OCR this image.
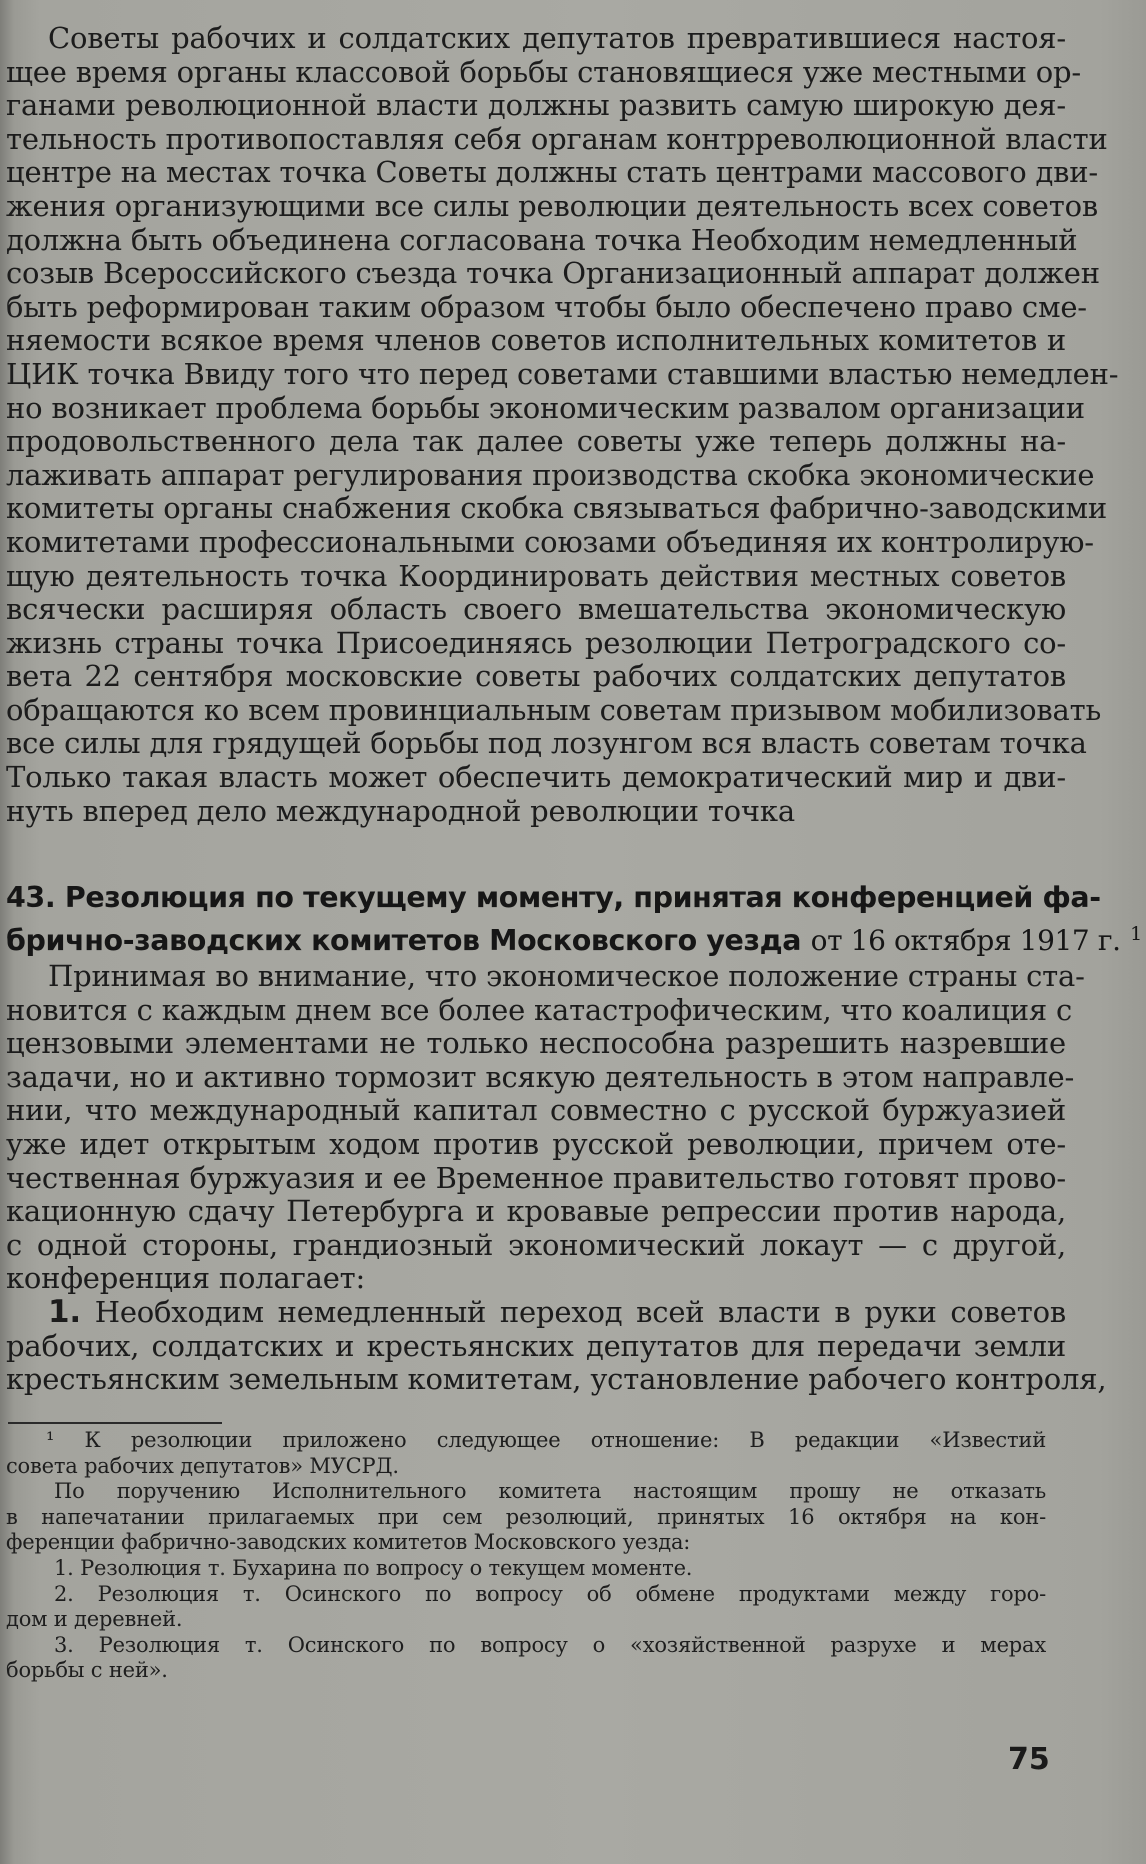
Советы рабочих и солдатских депутатов превратившиеся настоя-

щее время органы классовой борьбы становящиеся уже местными ор-

ганами революционной власти должны развить самую широкую дея-

тельность противопоставляя себя органам контрреволюционной власти

центре на местах точка Советы должны стать центрами массового дви-

жения организующими все силы революции деятельность всех советов

должна быть объединена согласована точка Необходим немедленный

созыв Всероссийского съезда точка Организационный аппарат должен

быть реформирован таким образом чтобы было обеспечено право сме-

няемости всякое время членов советов исполнительных комитетов и

ЦИК точка Ввиду того что перед советами ставшими властью немедлен-

но возникает проблема борьбы экономическим развалом организации

продовольственного дела так далее советы уже теперь должны на-

лаживать аппарат регулирования производства скобка экономические

комитеты органы снабжения скобка связываться фабрично-заводскими

комитетами профессиональными союзами объединяя их контролирую-

щую деятельность точка Координировать действия местных советов

всячески расширяя область своего вмешательства экономическую

жизнь страны точка Присоединяясь резолюции Петроградского со-

вета 22 сентября московские советы рабочих солдатских депутатов

обращаются ко всем провинциальным советам призывом мобилизовать

все силы для грядущей борьбы под лозунгом вся власть советам точка

Только такая власть может обеспечить демократический мир и дви-

нуть вперед дело международной революции точка

43. Резолюция по текущему моменту, принятая конференцией фа-

брично-заводских комитетов Московского уезда от 16 октября 1917 г. $^1$

Принимая во внимание, что экономическое положение страны ста-

новится с каждым днем все более катастрофическим, что коалиция с

цензовыми элементами не только неспособна разрешить назревшие

задачи, но и активно тормозит всякую деятельность в этом направле-

нии, что международный капитал совместно с русской буржуазией

уже идет открытым ходом против русской революции, причем оте-

чественная буржуазия и ее Временное правительство готовят прово-

кационную сдачу Петербурга и кровавые репрессии против народа,

с одной стороны, грандиозный экономический локаут — с другой,

конференция полагает:

1. Необходим немедленный переход всей власти в руки советов

рабочих, солдатских и крестьянских депутатов для передачи земли

крестьянским земельным комитетам, установление рабочего контроля,

¹ К резолюции приложено следующее отношение: В редакции «Известий

совета рабочих депутатов» МУСРД.

По поручению Исполнительного комитета настоящим прошу не отказать

в напечатании прилагаемых при сем резолюций, принятых 16 октября на кон-

ференции фабрично-заводских комитетов Московского уезда:

1. Резолюция т. Бухарина по вопросу о текущем моменте.

2. Резолюция т. Осинского по вопросу об обмене продуктами между горо-

дом и деревней.

3. Резолюция т. Осинского по вопросу о «хозяйственной разрухе и мерах

борьбы с ней».

75
